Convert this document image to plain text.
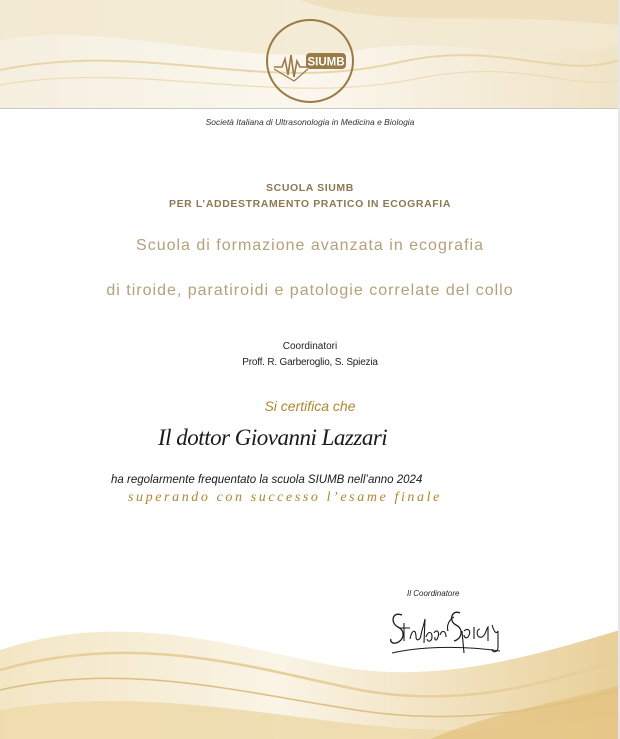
SIUMB
Società Italiana di Ultrasonologia in Medicina e Biologia
SCUOLA SIUMB
PER L’ADDESTRAMENTO PRATICO IN ECOGRAFIA
Scuola di formazione avanzata in ecografia
di tiroide, paratiroidi e patologie correlate del collo
Coordinatori
Proff. R. Garberoglio, S. Spiezia
Si certifica che
Il dottor Giovanni Lazzari
ha regolarmente frequentato la scuola SIUMB nell’anno 2024
superando con successo l’esame finale
Il Coordinatore
